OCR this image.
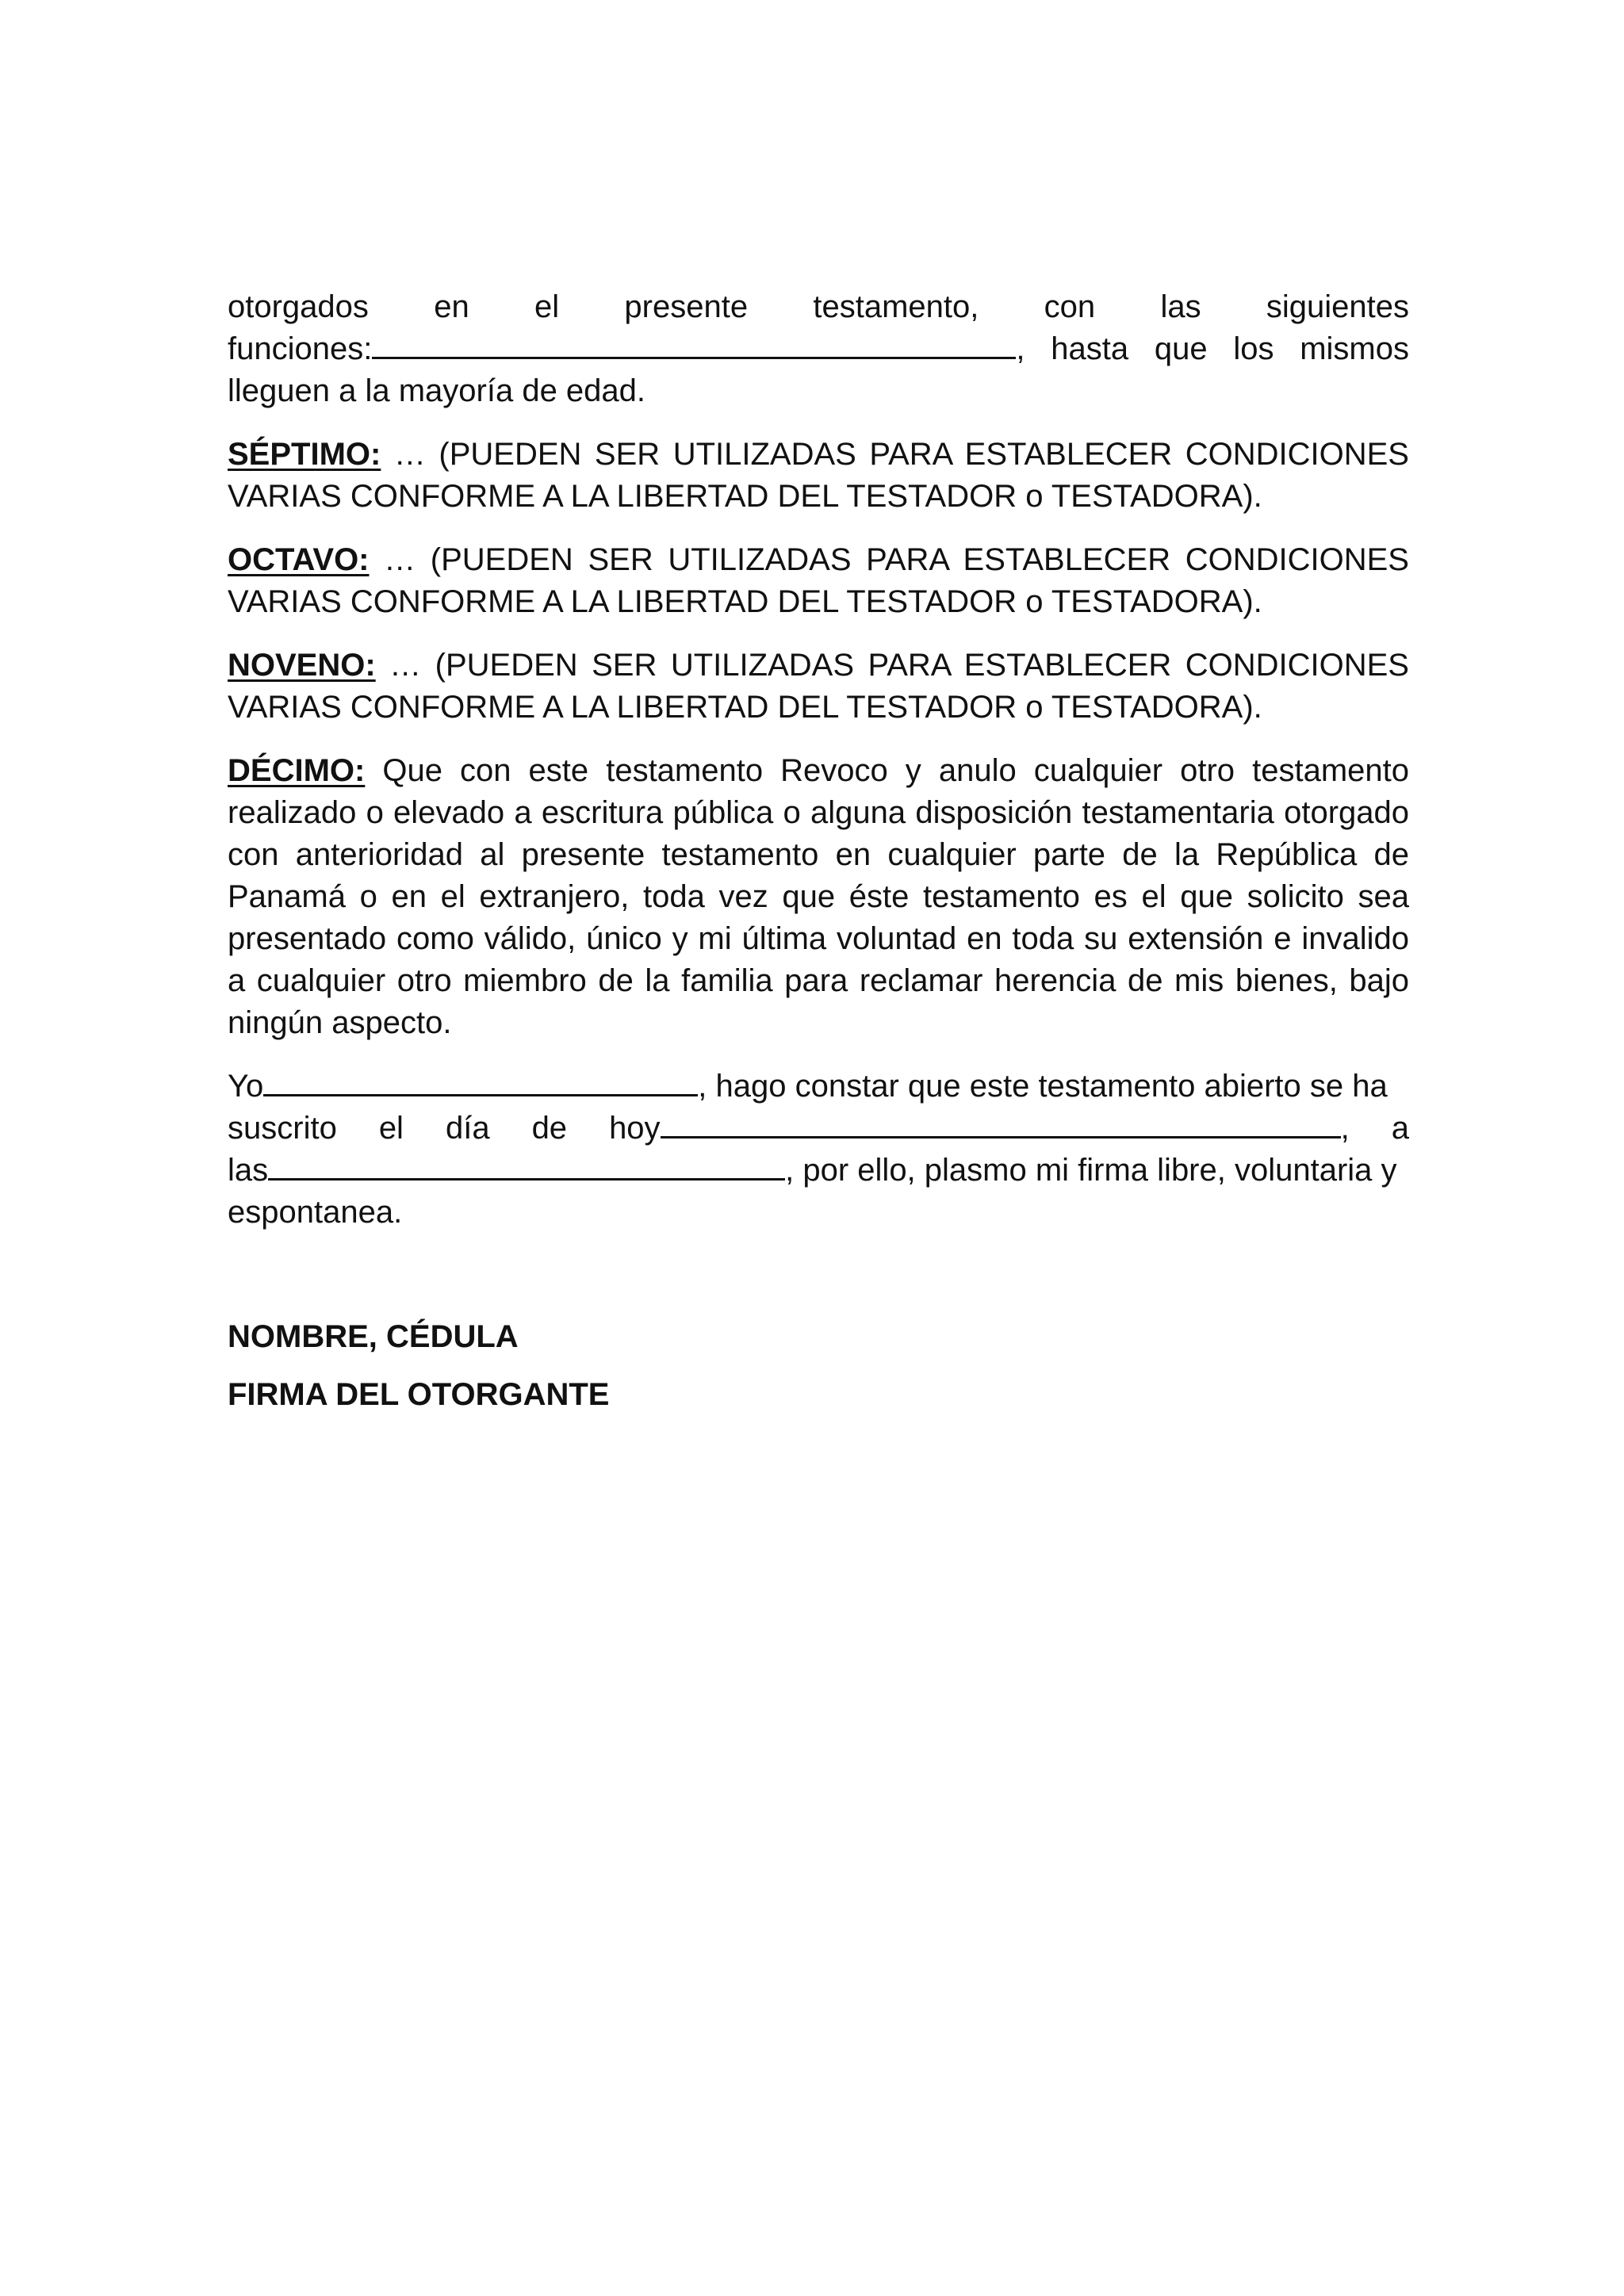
otorgados en el presente testamento, con las siguientes
funciones:	, hasta que los mismos
lleguen a la mayoría de edad.

SÉPTIMO: … (PUEDEN SER UTILIZADAS PARA ESTABLECER CONDICIONES VARIAS CONFORME A LA LIBERTAD DEL TESTADOR o TESTADORA).

OCTAVO: … (PUEDEN SER UTILIZADAS PARA ESTABLECER CONDICIONES VARIAS CONFORME A LA LIBERTAD DEL TESTADOR o TESTADORA).

NOVENO: … (PUEDEN SER UTILIZADAS PARA ESTABLECER CONDICIONES VARIAS CONFORME A LA LIBERTAD DEL TESTADOR o TESTADORA).

DÉCIMO: Que con este testamento Revoco y anulo cualquier otro testamento realizado o elevado a escritura pública o alguna disposición testamentaria otorgado con anterioridad al presente testamento en cualquier parte de la República de Panamá o en el extranjero, toda vez que éste testamento es el que solicito sea presentado como válido, único y mi última voluntad en toda su extensión e invalido a cualquier otro miembro de la familia para reclamar herencia de mis bienes, bajo ningún aspecto.

Yo	, hago constar que este testamento abierto se ha
suscrito el día de hoy	, a
las	, por ello, plasmo mi firma libre, voluntaria y
espontanea.
NOMBRE, CÉDULA
FIRMA DEL OTORGANTE
